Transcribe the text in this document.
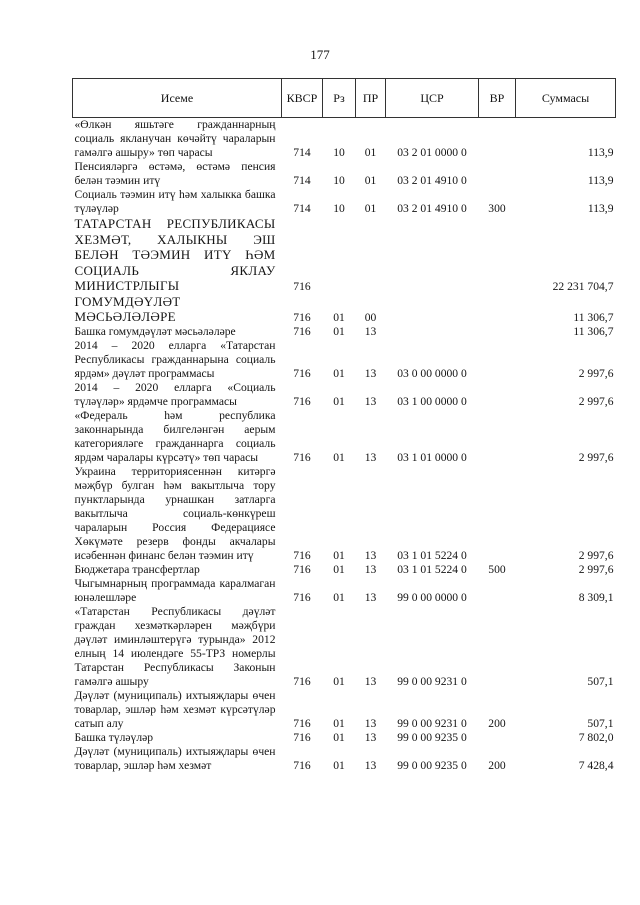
177
Исеме	КВСР	Рз	ПР	ЦСР	ВР	Суммасы
«Өлкән яшьтәге гражданнарның социаль якланучан көчәйтү чараларын гамәлгә ашыру» төп чарасы	714	10	01	03 2 01 0000 0		113,9
Пенсияләргә өстәмә, өстәмә пенсия белән тәэмин итү	714	10	01	03 2 01 4910 0		113,9
Социаль тәэмин итү һәм халыкка башка түләүләр	714	10	01	03 2 01 4910 0	300	113,9
ТАТАРСТАН РЕСПУБЛИКАСЫ ХЕЗМӘТ, ХАЛЫКНЫ ЭШ БЕЛӘН ТӘЭМИН ИТҮ ҺӘМ СОЦИАЛЬ ЯКЛАУ МИНИСТРЛЫГЫ	716					22 231 704,7
ГОМУМДӘҮЛӘТ МӘСЬӘЛӘЛӘРЕ	716	01	00			11 306,7
Башка гомумдәүләт мәсьәләләре	716	01	13			11 306,7
2014 – 2020 елларга «Татарстан Республикасы гражданнарына социаль ярдәм» дәүләт программасы	716	01	13	03 0 00 0000 0		2 997,6
2014 – 2020 елларга «Социаль түләүләр» ярдәмче программасы	716	01	13	03 1 00 0000 0		2 997,6
«Федераль һәм республика законнарында билгеләнгән аерым категорияләге гражданнарга социаль ярдәм чаралары күрсәтү» төп чарасы	716	01	13	03 1 01 0000 0		2 997,6
Украина территориясеннән китәргә мәҗбүр булган һәм вакытлыча тору пунктларында урнашкан затларга вакытлыча социаль-көнкүреш чараларын Россия Федерациясе Хөкүмәте резерв фонды акчалары исәбеннән финанс белән тәэмин итү	716	01	13	03 1 01 5224 0		2 997,6
Бюджетара трансфертлар	716	01	13	03 1 01 5224 0	500	2 997,6
Чыгымнарның программада каралмаган юнәлешләре	716	01	13	99 0 00 0000 0		8 309,1
«Татарстан Республикасы дәүләт граждан хезмәткәрләрен мәҗбүри дәүләт иминләштерүгә турында» 2012 елның 14 июлендәге 55-ТРЗ номерлы Татарстан Республикасы Законын гамәлгә ашыру	716	01	13	99 0 00 9231 0		507,1
Дәүләт (муниципаль) ихтыяҗлары өчен товарлар, эшләр һәм хезмәт күрсәтүләр сатып алу	716	01	13	99 0 00 9231 0	200	507,1
Башка түләүләр	716	01	13	99 0 00 9235 0		7 802,0
Дәүләт (муниципаль) ихтыяҗлары өчен товарлар, эшләр һәм хезмәт	716	01	13	99 0 00 9235 0	200	7 428,4
